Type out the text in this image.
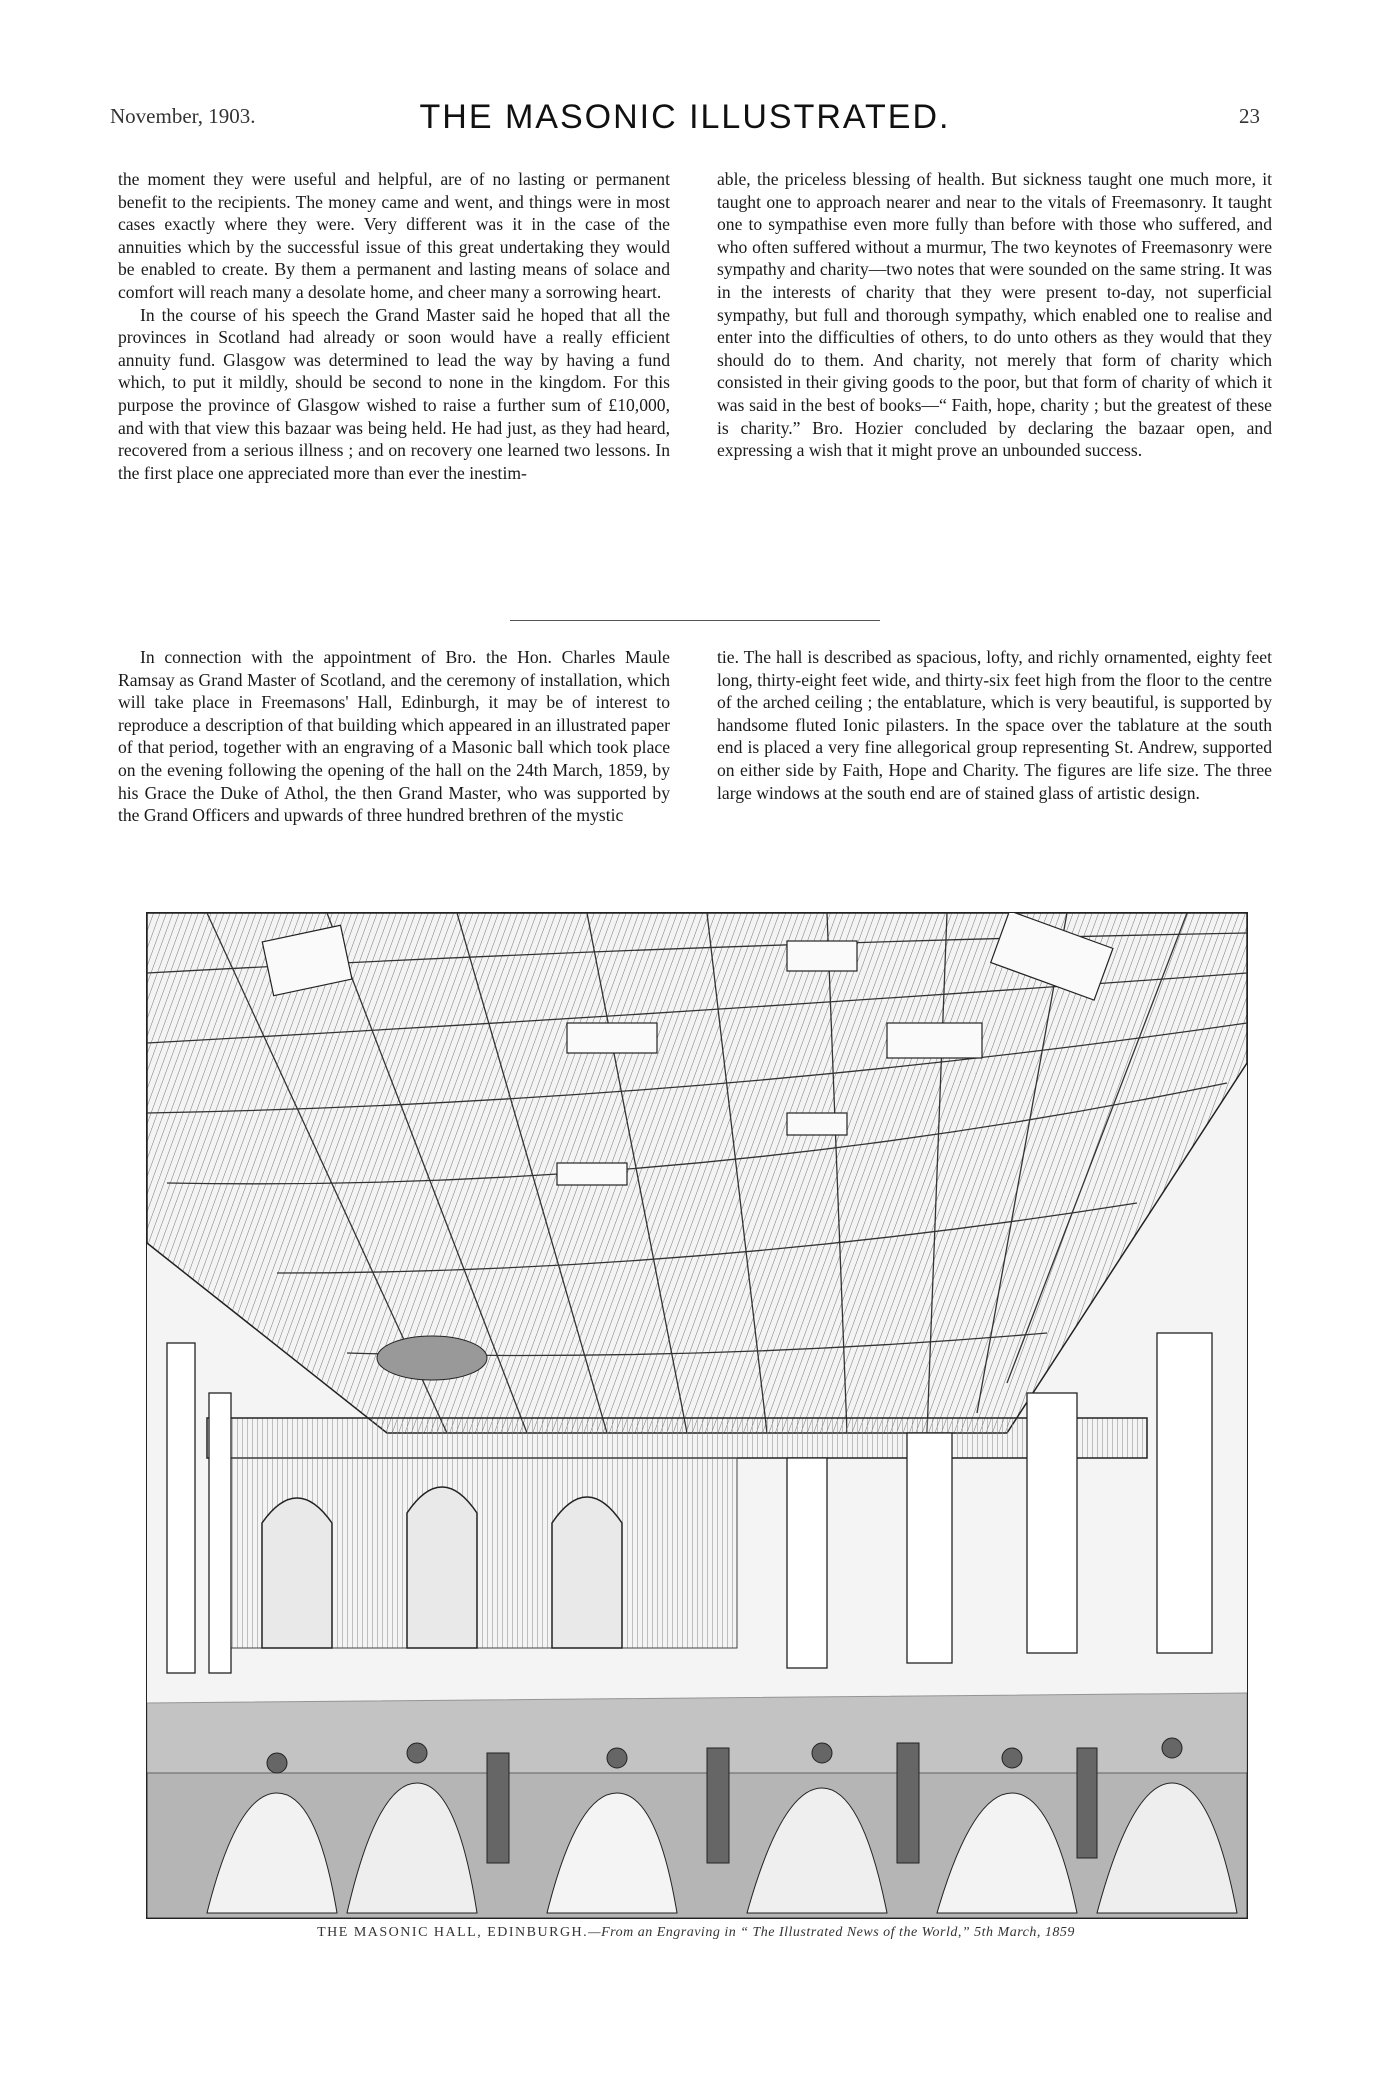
November, 1903.	THE MASONIC ILLUSTRATED.	23

the moment they were useful and helpful, are of no lasting or permanent benefit to the recipients. The money came and went, and things were in most cases exactly where they were. Very different was it in the case of the annuities which by the successful issue of this great undertaking they would be enabled to create. By them a permanent and lasting means of solace and comfort will reach many a desolate home, and cheer many a sorrowing heart.

In the course of his speech the Grand Master said he hoped that all the provinces in Scotland had already or soon would have a really efficient annuity fund. Glasgow was determined to lead the way by having a fund which, to put it mildly, should be second to none in the kingdom. For this purpose the province of Glasgow wished to raise a further sum of £10,000, and with that view this bazaar was being held. He had just, as they had heard, recovered from a serious illness ; and on recovery one learned two lessons. In the first place one appreciated more than ever the inestim-

able, the priceless blessing of health. But sickness taught one much more, it taught one to approach nearer and near to the vitals of Freemasonry. It taught one to sympathise even more fully than before with those who suffered, and who often suffered without a murmur, The two keynotes of Freemasonry were sympathy and charity—two notes that were sounded on the same string. It was in the interests of charity that they were present to-day, not superficial sympathy, but full and thorough sympathy, which enabled one to realise and enter into the difficulties of others, to do unto others as they would that they should do to them. And charity, not merely that form of charity which consisted in their giving goods to the poor, but that form of charity of which it was said in the best of books—“ Faith, hope, charity ; but the greatest of these is charity.” Bro. Hozier concluded by declaring the bazaar open, and expressing a wish that it might prove an unbounded success.

In connection with the appointment of Bro. the Hon. Charles Maule Ramsay as Grand Master of Scotland, and the ceremony of installation, which will take place in Freemasons' Hall, Edinburgh, it may be of interest to reproduce a description of that building which appeared in an illustrated paper of that period, together with an engraving of a Masonic ball which took place on the evening following the opening of the hall on the 24th March, 1859, by his Grace the Duke of Athol, the then Grand Master, who was supported by the Grand Officers and upwards of three hundred brethren of the mystic

tie. The hall is described as spacious, lofty, and richly ornamented, eighty feet long, thirty-eight feet wide, and thirty-six feet high from the floor to the centre of the arched ceiling ; the entablature, which is very beautiful, is supported by handsome fluted Ionic pilasters. In the space over the tablature at the south end is placed a very fine allegorical group representing St. Andrew, supported on either side by Faith, Hope and Charity. The figures are life size. The three large windows at the south end are of stained glass of artistic design.

THE MASONIC HALL, EDINBURGH.—From an Engraving in “ The Illustrated News of the World,” 5th March, 1859
